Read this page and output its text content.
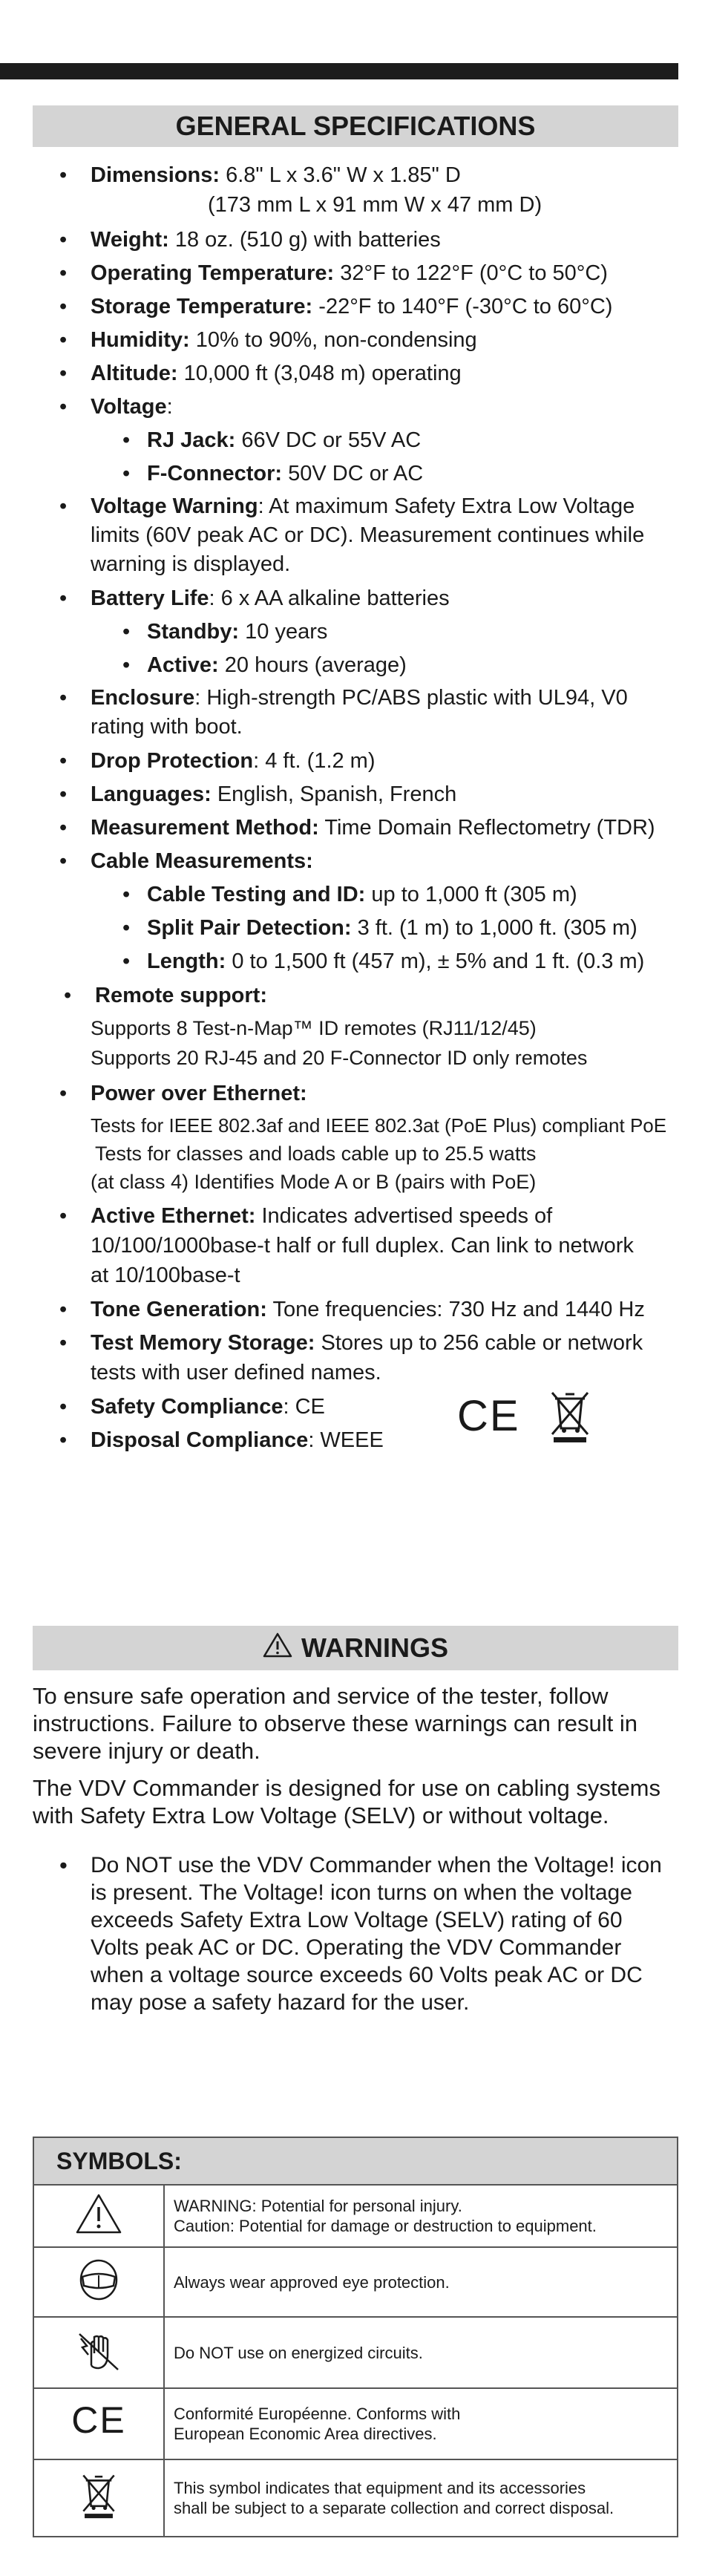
GENERAL SPECIFICATIONS
• Dimensions: 6.8" L x 3.6" W x 1.85" D
(173 mm L x 91 mm W x 47 mm D)
• Weight: 18 oz. (510 g) with batteries
• Operating Temperature: 32°F to 122°F (0°C to 50°C)
• Storage Temperature: -22°F to 140°F (-30°C to 60°C)
• Humidity: 10% to 90%, non-condensing
• Altitude: 10,000 ft (3,048 m) operating
• Voltage:
• RJ Jack: 66V DC or 55V AC
• F-Connector: 50V DC or AC
• Voltage Warning: At maximum Safety Extra Low Voltage
limits (60V peak AC or DC). Measurement continues while
warning is displayed.
• Battery Life: 6 x AA alkaline batteries
• Standby: 10 years
• Active: 20 hours (average)
• Enclosure: High-strength PC/ABS plastic with UL94, V0
rating with boot.
• Drop Protection: 4 ft. (1.2 m)
• Languages: English, Spanish, French
• Measurement Method: Time Domain Reflectometry (TDR)
• Cable Measurements:
• Cable Testing and ID: up to 1,000 ft (305 m)
• Split Pair Detection: 3 ft. (1 m) to 1,000 ft. (305 m)
• Length: 0 to 1,500 ft (457 m), ± 5% and 1 ft. (0.3 m)
• Remote support:
Supports 8 Test-n-Map™ ID remotes (RJ11/12/45)
Supports 20 RJ-45 and 20 F-Connector ID only remotes
• Power over Ethernet:
Tests for IEEE 802.3af and IEEE 802.3at (PoE Plus) compliant PoE
Tests for classes and loads cable up to 25.5 watts
(at class 4) Identifies Mode A or B (pairs with PoE)
• Active Ethernet: Indicates advertised speeds of
10/100/1000base-t half or full duplex. Can link to network
at 10/100base-t
• Tone Generation: Tone frequencies: 730 Hz and 1440 Hz
• Test Memory Storage: Stores up to 256 cable or network
tests with user defined names.
• Safety Compliance: CE
• Disposal Compliance: WEEE	CE
WARNINGS
To ensure safe operation and service of the tester, follow instructions. Failure to observe these warnings can result in severe injury or death.
The VDV Commander is designed for use on cabling systems with Safety Extra Low Voltage (SELV) or without voltage.
• Do NOT use the VDV Commander when the Voltage! icon is present. The Voltage! icon turns on when the voltage exceeds Safety Extra Low Voltage (SELV) rating of 60 Volts peak AC or DC. Operating the VDV Commander when a voltage source exceeds 60 Volts peak AC or DC may pose a safety hazard for the user.
SYMBOLS:	
	WARNING: Potential for personal injury.
Caution: Potential for damage or destruction to equipment.
	Always wear approved eye protection.
	Do NOT use on energized circuits.
CE	Conformité Européenne. Conforms with
European Economic Area directives.
	This symbol indicates that equipment and its accessories
shall be subject to a separate collection and correct disposal.
